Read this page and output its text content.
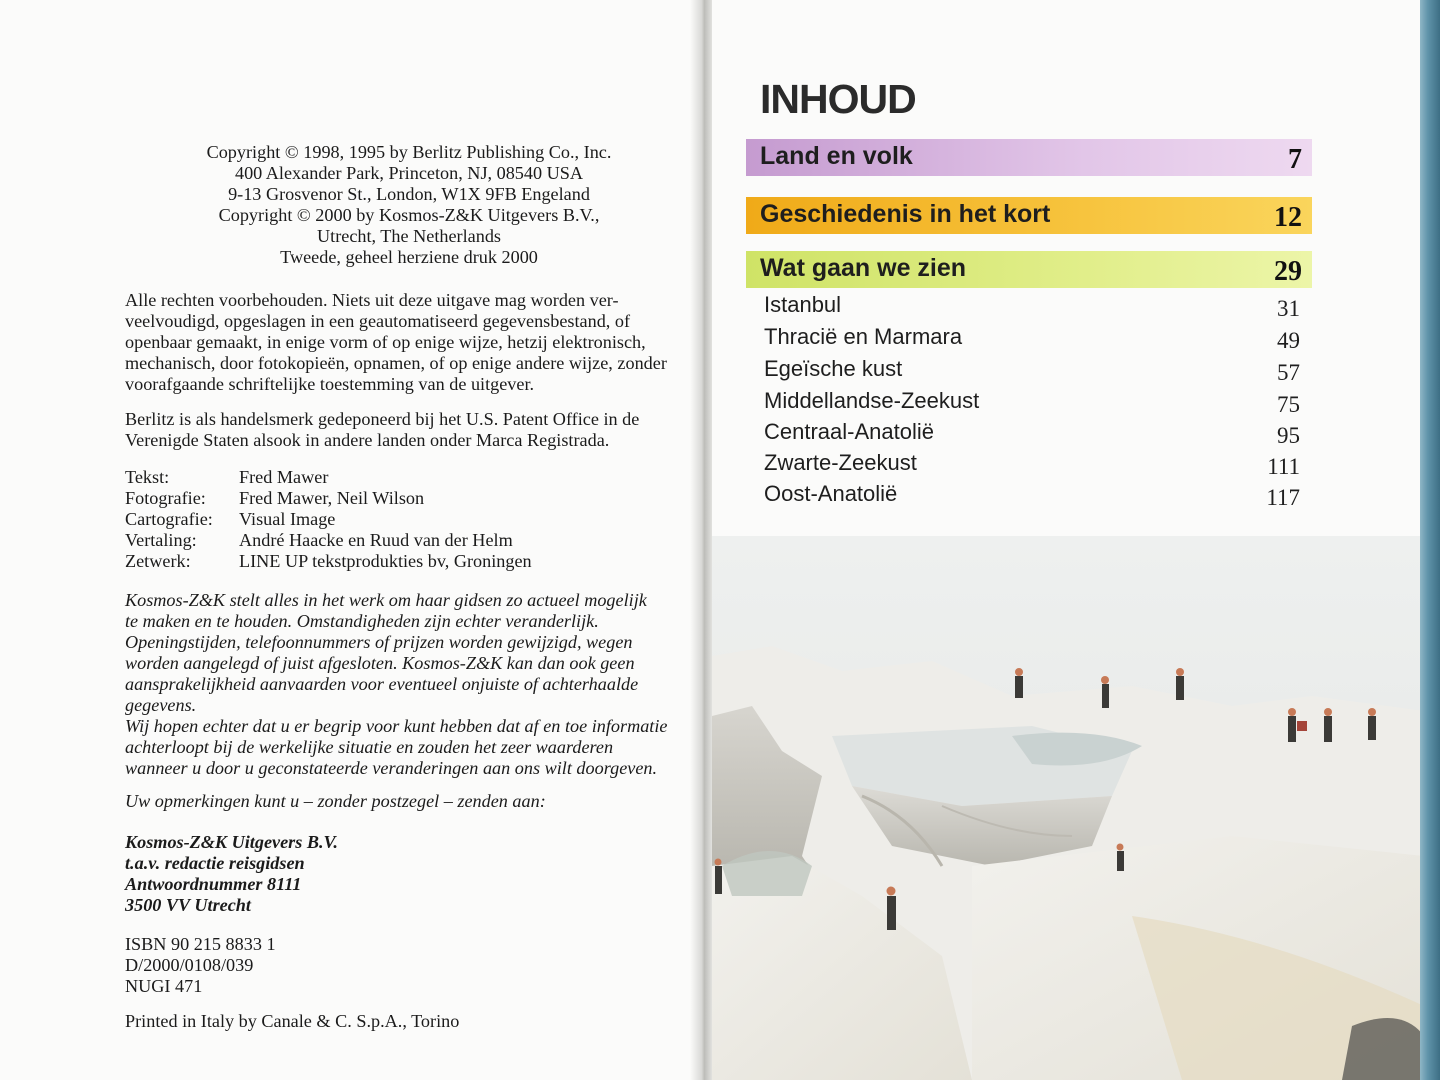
Copyright © 1998, 1995 by Berlitz Publishing Co., Inc.
400 Alexander Park, Princeton, NJ, 08540 USA
9-13 Grosvenor St., London, W1X 9FB Engeland
Copyright © 2000 by Kosmos-Z&K Uitgevers B.V.,
Utrecht, The Netherlands
Tweede, geheel herziene druk 2000
Alle rechten voorbehouden. Niets uit deze uitgave mag worden ver-
veelvoudigd, opgeslagen in een geautomatiseerd gegevensbestand, of
openbaar gemaakt, in enige vorm of op enige wijze, hetzij elektronisch,
mechanisch, door fotokopieën, opnamen, of op enige andere wijze, zonder
voorafgaande schriftelijke toestemming van de uitgever.
Berlitz is als handelsmerk gedeponeerd bij het U.S. Patent Office in de
Verenigde Staten alsook in andere landen onder Marca Registrada.
Tekst:	Fred Mawer
Fotografie:	Fred Mawer, Neil Wilson
Cartografie:	Visual Image
Vertaling:	André Haacke en Ruud van der Helm
Zetwerk:	LINE UP tekstprodukties bv, Groningen
Kosmos-Z&K stelt alles in het werk om haar gidsen zo actueel mogelijk
te maken en te houden. Omstandigheden zijn echter veranderlijk.
Openingstijden, telefoonnummers of prijzen worden gewijzigd, wegen
worden aangelegd of juist afgesloten. Kosmos-Z&K kan dan ook geen
aansprakelijkheid aanvaarden voor eventueel onjuiste of achterhaalde
gegevens.
Wij hopen echter dat u er begrip voor kunt hebben dat af en toe informatie
achterloopt bij de werkelijke situatie en zouden het zeer waarderen
wanneer u door u geconstateerde veranderingen aan ons wilt doorgeven.
Uw opmerkingen kunt u – zonder postzegel – zenden aan:
Kosmos-Z&K Uitgevers B.V.
t.a.v. redactie reisgidsen
Antwoordnummer 8111
3500 VV Utrecht
ISBN 90 215 8833 1
D/2000/0108/039
NUGI 471
Printed in Italy by Canale & C. S.p.A., Torino
INHOUD
Land en volk	7
Geschiedenis in het kort	12
Wat gaan we zien	29
Istanbul	31
Thracië en Marmara	49
Egeïsche kust	57
Middellandse-Zeekust	75
Centraal-Anatolië	95
Zwarte-Zeekust	111
Oost-Anatolië	117
